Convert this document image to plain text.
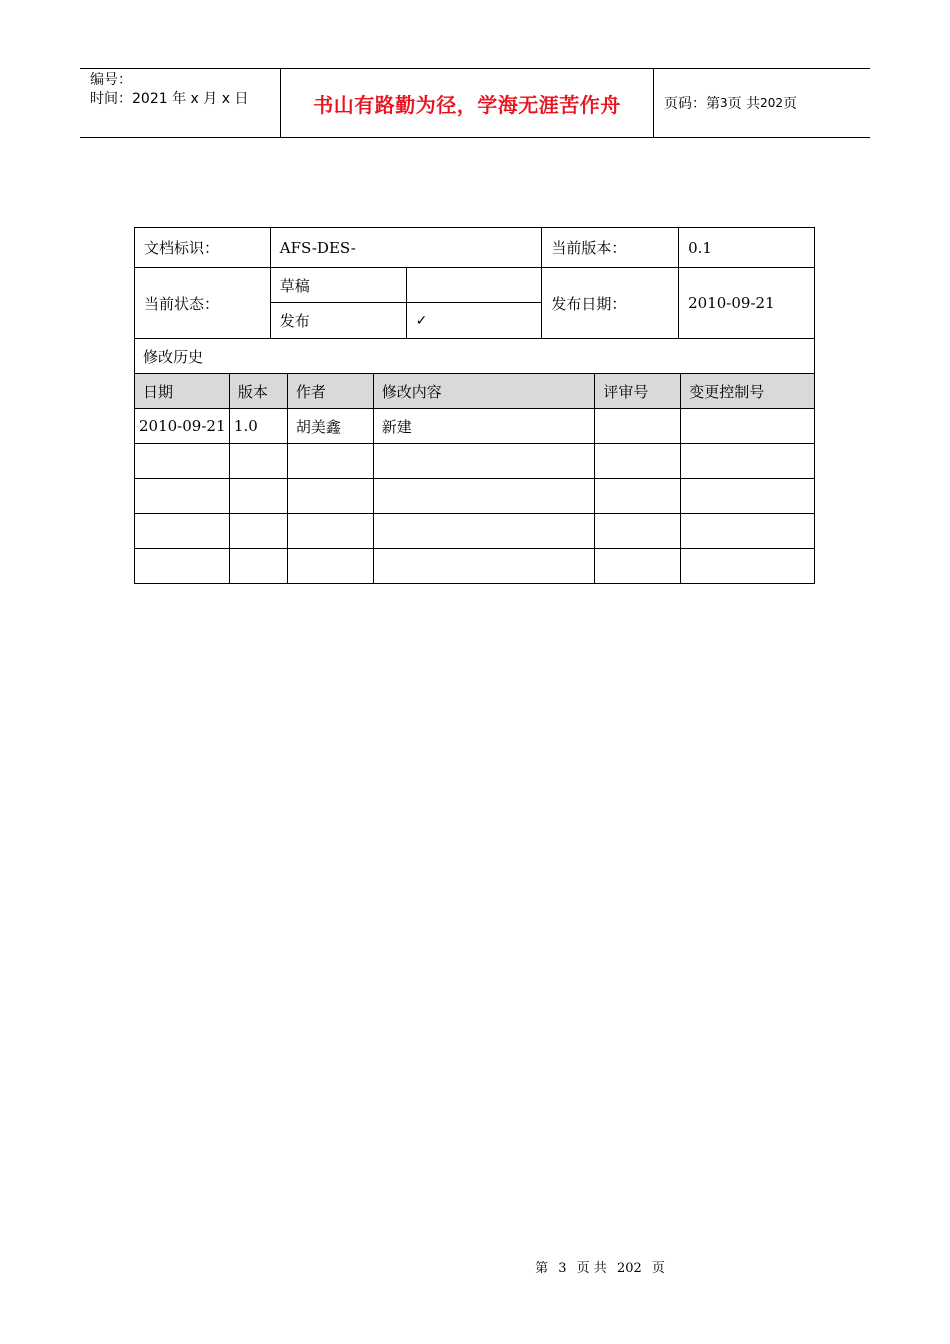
编号：
时间：2021 年 x 月 x 日	书山有路勤为径，学海无涯苦作舟	页码：第 3 页 共 202 页
文档标识：	AFS-DES-		当前版本：	0.1
当前状态：	草稿		发布日期：	2010-09-21
	发布	✓		
修改历史					
日期	版本	作者	修改内容	评审号	变更控制号
2010-09-21	1.0	胡美鑫	新建		

第 3 页 共 202 页
